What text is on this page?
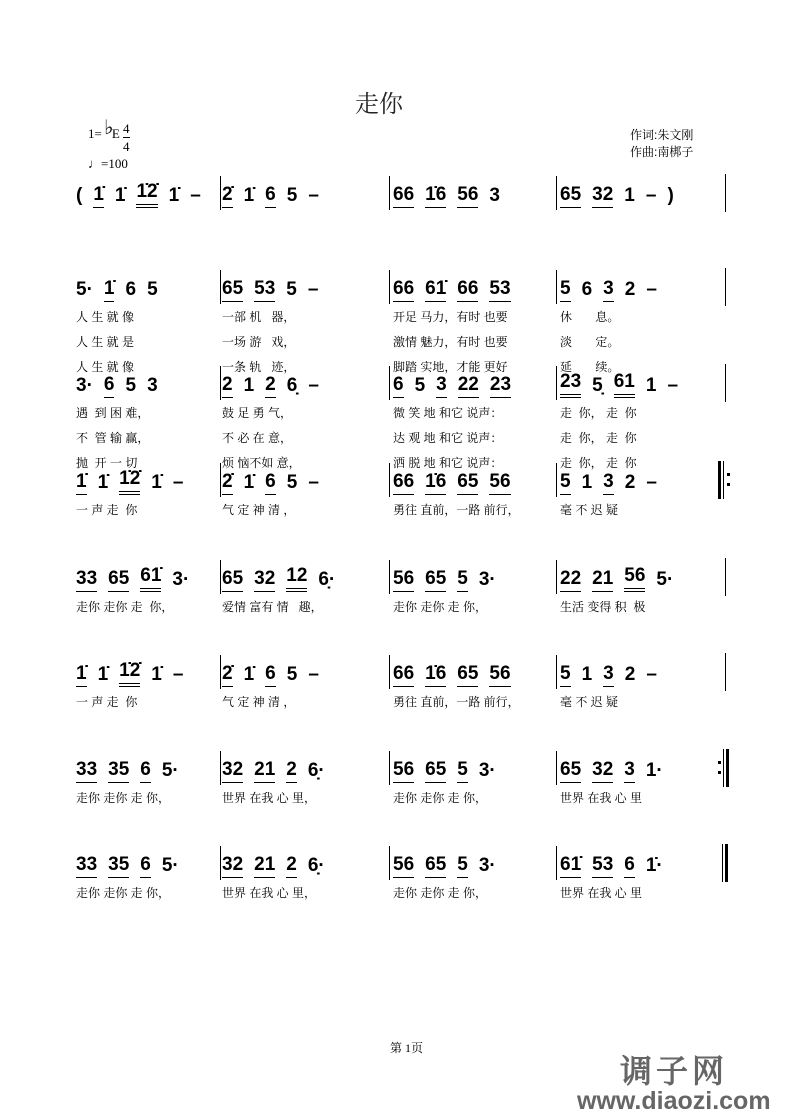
走你
1= E
♭ 4
4
♩=100
作词:朱文刚
作曲:南梆子
( 1̇ 1̇ 1̇2̇ 1̇ – 2̇ 1̇ 6 5 –	66 1̇6 56 3	65 32 1 – )
5· 1̇ 6 5
人 生 就 像
人 生 就 是
人 生 就 像
65 53 5 –
一部 机   器，
一场 游   戏，
一条 轨   迹，
66 61̇ 66 53
开足 马力，有时 也要
激情 魅力，有时 也要
脚踏 实地，才能 更好
5 6 3 2 –
休       息。
淡       定。
延       续。
3· 6 5 3
遇  到 困 难，
不  管 输 赢，
抛  开 一 切
2 1 2 6̣ –
鼓 足 勇 气，
不 必 在 意，
烦 恼不如 意，
6 5 3 22 23
微 笑 地 和它 说声：
达 观 地 和它 说声：
洒 脱 地 和它 说声：
23 5̣ 61 1 –
走  你， 走  你
走  你， 走  你
走  你， 走  你
1̇ 1̇ 1̇2̇ 1̇ –
一 声 走  你
2̇ 1̇ 6 5 –
气 定 神 清 ，
66 1̇6 65 56
勇往 直前，一路 前行，
5 1 3 2 –
毫 不 迟 疑
33 65 61̇ 3·
走你 走你 走  你，
65 32 12 6̣·
爱情 富有 情   趣，
56 65 5 3·
走你 走你 走 你，
22 21 56 5·
生活 变得 积  极
1̇ 1̇ 1̇2̇ 1̇ –
一 声 走  你
2̇ 1̇ 6 5 –
气 定 神 清 ，
66 1̇6 65 56
勇往 直前，一路 前行，
5 1 3 2 –
毫 不 迟 疑
33 35 6 5·
走你 走你 走 你，
32 21 2 6̣·
世界 在我 心 里，
56 65 5 3·
走你 走你 走 你，
65 32 3 1·
世界 在我 心 里
33 35 6 5·
走你 走你 走 你，
32 21 2 6̣·
世界 在我 心 里，
56 65 5 3·
走你 走你 走 你，
61̇ 53 6 1̇·
世界 在我 心 里
第 1页
调子网
www.diaozi.com
